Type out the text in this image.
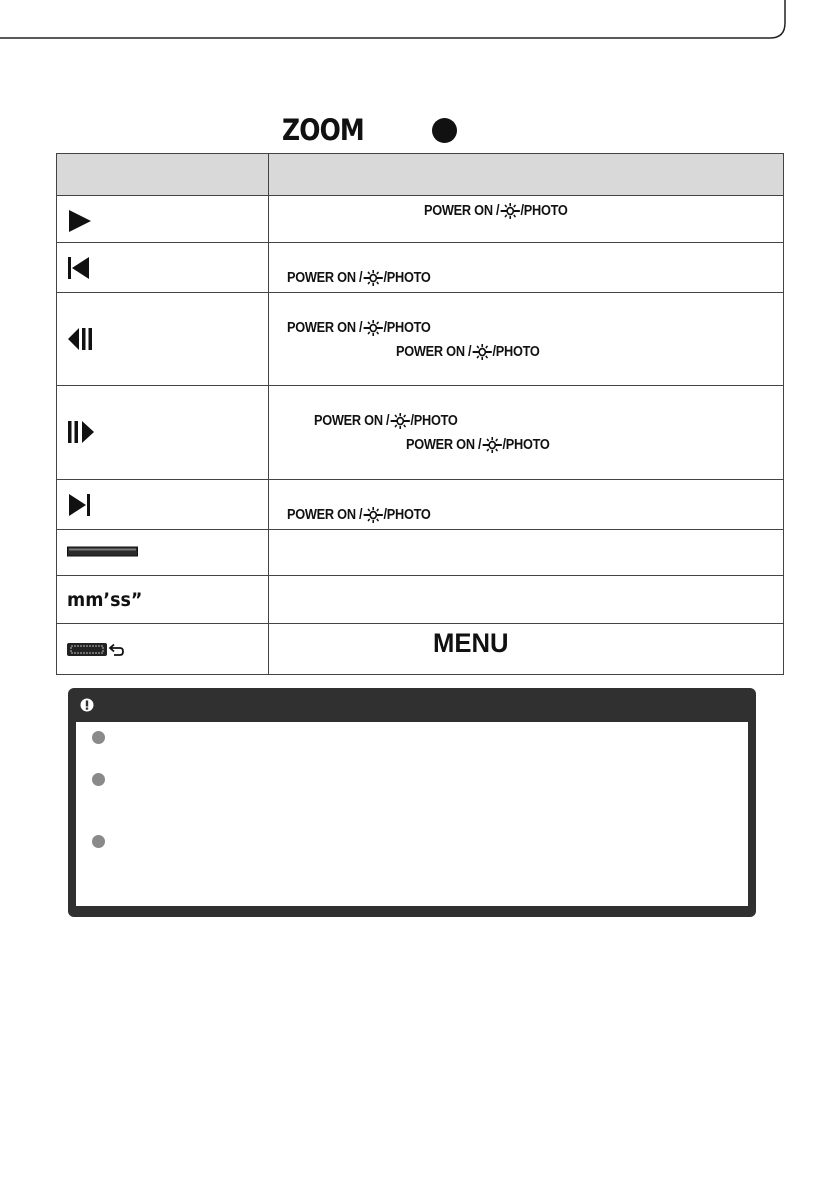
ZOOM

POWER ON / /PHOTO

POWER ON / /PHOTO

POWER ON / /PHOTO
POWER ON / /PHOTO

POWER ON / /PHOTO
POWER ON / /PHOTO

POWER ON / /PHOTO

mm’ss”	

MENU
